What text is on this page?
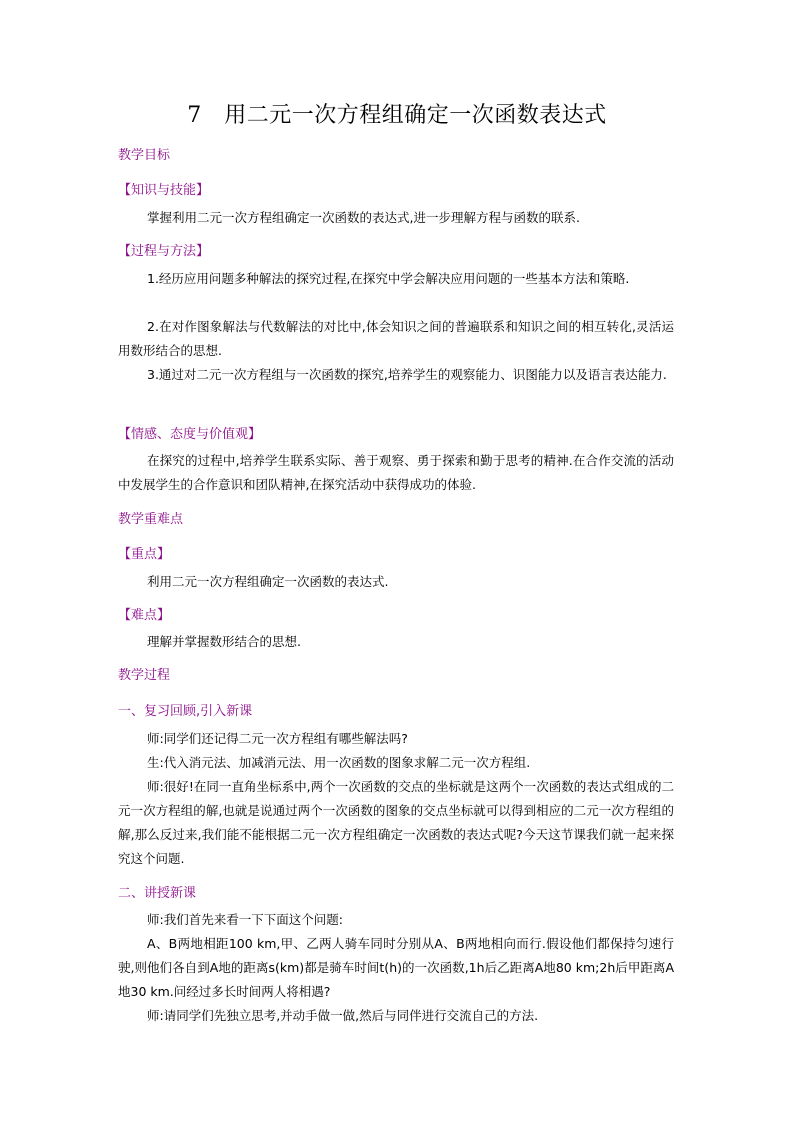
7　用二元一次方程组确定一次函数表达式
教学目标
【知识与技能】

掌握利用二元一次方程组确定一次函数的表达式,进一步理解方程与函数的联系.

【过程与方法】

1.经历应用问题多种解法的探究过程,在探究中学会解决应用问题的一些基本方法和策略.

2.在对作图象解法与代数解法的对比中,体会知识之间的普遍联系和知识之间的相互转化,灵活运用数形结合的思想.

3.通过对二元一次方程组与一次函数的探究,培养学生的观察能力、识图能力以及语言表达能力.

【情感、态度与价值观】

在探究的过程中,培养学生联系实际、善于观察、勇于探索和勤于思考的精神.在合作交流的活动中发展学生的合作意识和团队精神,在探究活动中获得成功的体验.

教学重难点
【重点】

利用二元一次方程组确定一次函数的表达式.

【难点】

理解并掌握数形结合的思想.

教学过程
一、复习回顾,引入新课

师:同学们还记得二元一次方程组有哪些解法吗?

生:代入消元法、加减消元法、用一次函数的图象求解二元一次方程组.

师:很好!在同一直角坐标系中,两个一次函数的交点的坐标就是这两个一次函数的表达式组成的二元一次方程组的解,也就是说通过两个一次函数的图象的交点坐标就可以得到相应的二元一次方程组的解,那么反过来,我们能不能根据二元一次方程组确定一次函数的表达式呢?今天这节课我们就一起来探究这个问题.

二、讲授新课

师:我们首先来看一下下面这个问题:

A、B两地相距100 km,甲、乙两人骑车同时分别从A、B两地相向而行.假设他们都保持匀速行驶,则他们各自到A地的距离s(km)都是骑车时间t(h)的一次函数,1h后乙距离A地80 km;2h后甲距离A地30 km.问经过多长时间两人将相遇?

师:请同学们先独立思考,并动手做一做,然后与同伴进行交流自己的方法.
